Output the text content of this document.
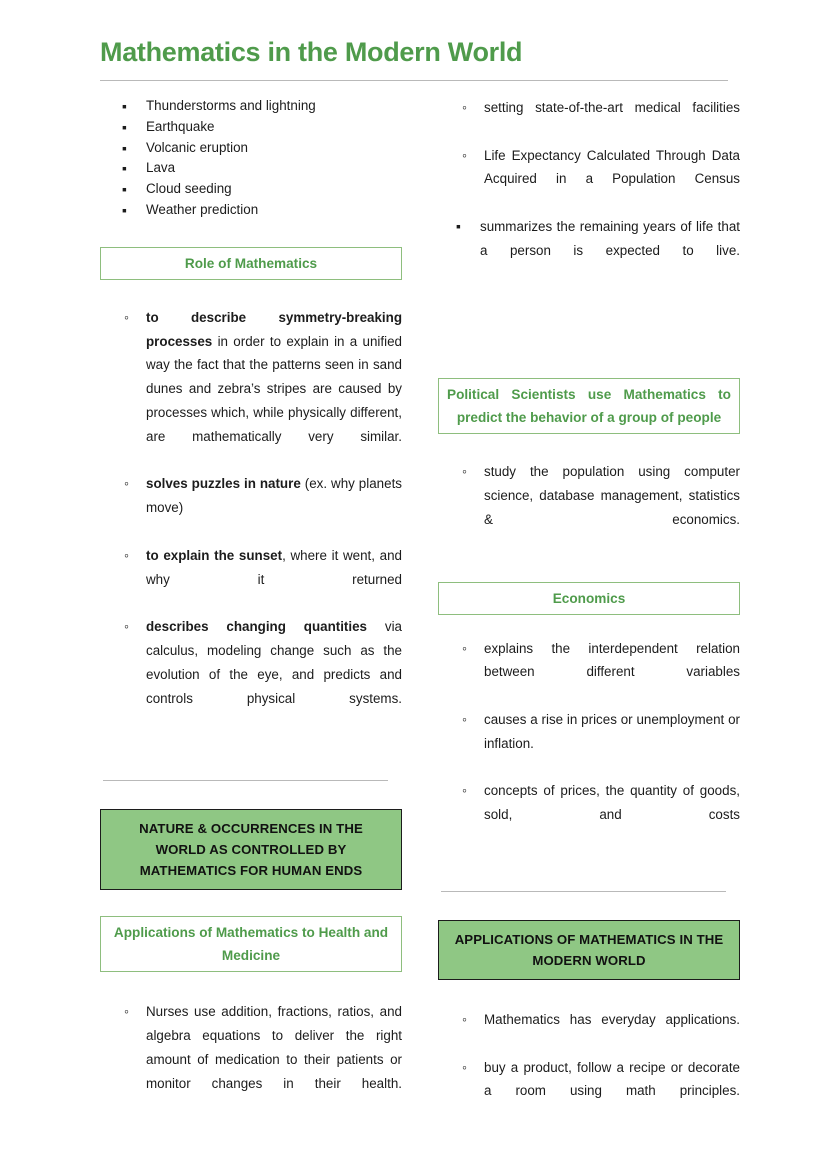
Mathematics in the Modern World
▪ Thunderstorms and lightning
▪ Earthquake
▪ Volcanic eruption
▪ Lava
▪ Cloud seeding
▪ Weather prediction
Role of Mathematics
◦ to describe symmetry-breaking processes in order to explain in a unified way the fact that the patterns seen in sand dunes and zebra’s stripes are caused by processes which, while physically different, are mathematically very similar.
◦ solves puzzles in nature (ex. why planets move)
◦ to explain the sunset, where it went, and why it returned
◦ describes changing quantities via calculus, modeling change such as the evolution of the eye, and predicts and controls physical systems.
NATURE & OCCURRENCES IN THE WORLD AS CONTROLLED BY MATHEMATICS FOR HUMAN ENDS
Applications of Mathematics to Health and Medicine
◦ Nurses use addition, fractions, ratios, and algebra equations to deliver the right amount of medication to their patients or monitor changes in their health.
◦ setting state-of-the-art medical facilities
◦ Life Expectancy Calculated Through Data Acquired in a Population Census
▪ summarizes the remaining years of life that a person is expected to live.
Political Scientists use Mathematics to predict the behavior of a group of people
◦ study the population using computer science, database management, statistics & economics.
Economics
◦ explains the interdependent relation between different variables
◦ causes a rise in prices or unemployment or inflation.
◦ concepts of prices, the quantity of goods, sold, and costs
APPLICATIONS OF MATHEMATICS IN THE MODERN WORLD
◦ Mathematics has everyday applications.
◦ buy a product, follow a recipe or decorate a room using math principles.
